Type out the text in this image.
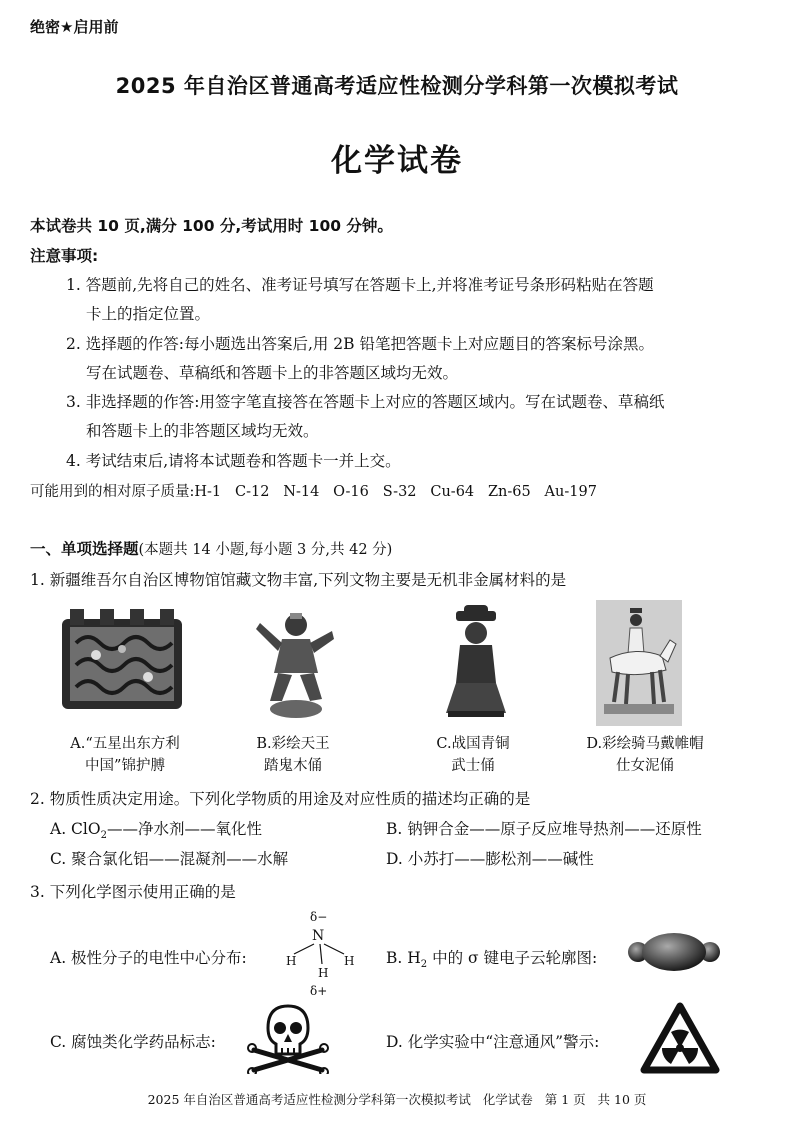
绝密★启用前
2025 年自治区普通高考适应性检测分学科第一次模拟考试
化学试卷
本试卷共 10 页,满分 100 分,考试用时 100 分钟。
注意事项:
1. 答题前,先将自己的姓名、准考证号填写在答题卡上,并将准考证号条形码粘贴在答题
卡上的指定位置。
2. 选择题的作答:每小题选出答案后,用 2B 铅笔把答题卡上对应题目的答案标号涂黑。
写在试题卷、草稿纸和答题卡上的非答题区域均无效。
3. 非选择题的作答:用签字笔直接答在答题卡上对应的答题区域内。写在试题卷、草稿纸
和答题卡上的非答题区域均无效。
4. 考试结束后,请将本试题卷和答题卡一并上交。
可能用到的相对原子质量:H-1   C-12   N-14   O-16   S-32   Cu-64   Zn-65   Au-197
一、单项选择题(本题共 14 小题,每小题 3 分,共 42 分)
1. 新疆维吾尔自治区博物馆馆藏文物丰富,下列文物主要是无机非金属材料的是
A.“五星出东方利
中国”锦护膊
B.彩绘天王
踏鬼木俑
C.战国青铜
武士俑
D.彩绘骑马戴帷帽
仕女泥俑
2. 物质性质决定用途。下列化学物质的用途及对应性质的描述均正确的是
A. ClO$_2$——净水剂——氧化性	B. 钠钾合金——原子反应堆导热剂——还原性
C. 聚合氯化铝——混凝剂——水解	D. 小苏打——膨松剂——碱性
3. 下列化学图示使用正确的是
A. 极性分子的电性中心分布:
δ−
N
H
H
H
δ+
B. $H_2$ 中的 σ 键电子云轮廓图:
C. 腐蚀类化学药品标志:	D. 化学实验中“注意通风”警示:
2025 年自治区普通高考适应性检测分学科第一次模拟考试   化学试卷   第 1 页   共 10 页
